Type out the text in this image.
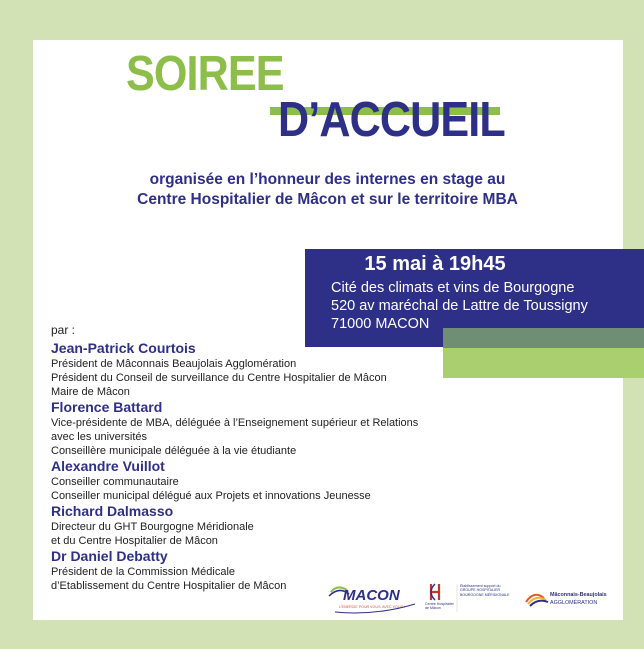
SOIREE
D’ACCUEIL
organisée en l’honneur des internes en stage au
Centre Hospitalier de Mâcon et sur le territoire MBA
15 mai à 19h45
Cité des climats et vins de Bourgogne
520 av maréchal de Lattre de Toussigny
71000 MACON
par :
Jean-Patrick Courtois
Président de Mâconnais Beaujolais Agglomération
Président du Conseil de surveillance du Centre Hospitalier de Mâcon
Maire de Mâcon
Florence Battard
Vice-présidente de MBA, déléguée à l’Enseignement supérieur et Relations
avec les universités
Conseillère municipale déléguée à la vie étudiante
Alexandre Vuillot
Conseiller communautaire
Conseiller municipal délégué aux Projets et innovations Jeunesse
Richard Dalmasso
Directeur du GHT Bourgogne Méridionale
et du Centre Hospitalier de Mâcon
Dr Daniel Debatty
Président de la Commission Médicale
d’Etablissement du Centre Hospitalier de Mâcon
MACON
L’ÉNERGIE POUR VOUS, AVEC VOUS !
Centre Hospitalier de Mâcon
Établissement support du GROUPE HOSPITALIER BOURGOGNE MÉRIDIONALE	Mâconnais-Beaujolais
AGGLOMÉRATION
